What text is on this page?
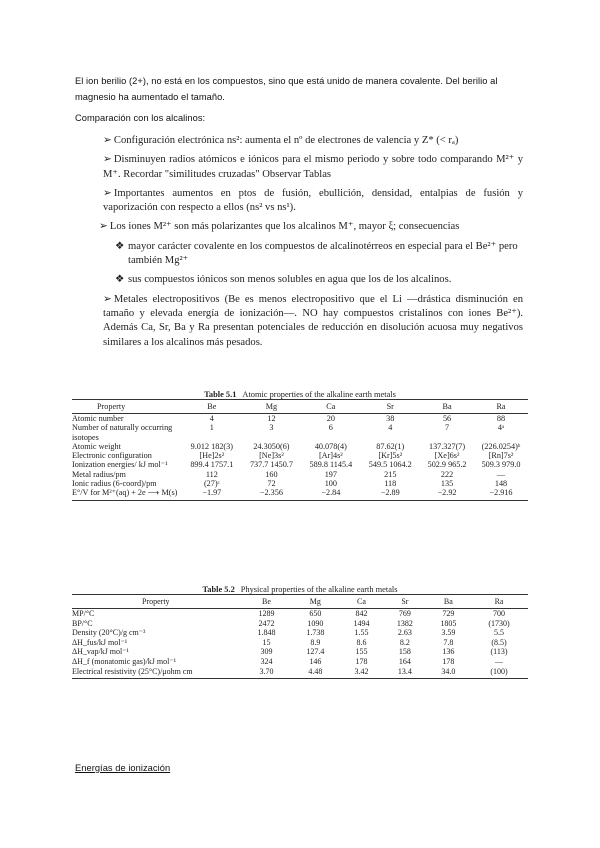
El ion berilio (2+), no está en los compuestos, sino que está unido de manera covalente. Del berilio al magnesio ha aumentado el tamaño.
Comparación con los alcalinos:
➢ Configuración electrónica ns²: aumenta el nº de electrones de valencia y Z* (< rₐ)
➢ Disminuyen radios atómicos e iónicos para el mismo periodo y sobre todo comparando M²⁺ y M⁺. Recordar "similitudes cruzadas" Observar Tablas
➢ Importantes aumentos en ptos de fusión, ebullición, densidad, entalpias de fusión y vaporización con respecto a ellos (ns² vs ns¹).
➢ Los iones M²⁺ son más polarizantes que los alcalinos M⁺, mayor ξ; consecuencias
❖ mayor carácter covalente en los compuestos de alcalinotérreos en especial para el Be²⁺ pero también Mg²⁺
❖ sus compuestos iónicos son menos solubles en agua que los de los alcalinos.
➢ Metales electropositivos (Be es menos electropositivo que el Li —drástica disminución en tamaño y elevada energía de ionización—. NO hay compuestos cristalinos con iones Be²⁺). Además Ca, Sr, Ba y Ra presentan potenciales de reducción en disolución acuosa muy negativos similares a los alcalinos más pesados.
Table 5.1 Atomic properties of the alkaline earth metals
Property	Be	Mg	Ca	Sr	Ba	Ra
Atomic number	4	12	20	38	56	88
Number of naturally occurring isotopes	1	3	6	4	7	4ᵃ
Atomic weight	9.012 182(3)	24.3050(6)	40.078(4)	87.62(1)	137.327(7)	(226.0254)ᵇ
Electronic configuration	[He]2s²	[Ne]3s²	[Ar]4s²	[Kr]5s²	[Xe]6s²	[Rn]7s²
Ionization energies/ kJ mol⁻¹	899.4 1757.1	737.7 1450.7	589.8 1145.4	549.5 1064.2	502.9 965.2	509.3 979.0
Metal radius/pm	112	160	197	215	222	—
Ionic radius (6-coord)/pm	(27)ᶜ	72	100	118	135	148
E°/V for M²⁺(aq) + 2e ⟶ M(s)	−1.97	−2.356	−2.84	−2.89	−2.92	−2.916
Table 5.2 Physical properties of the alkaline earth metals
Property	Be	Mg	Ca	Sr	Ba	Ra
MP/°C	1289	650	842	769	729	700
BP/°C	2472	1090	1494	1382	1805	(1730)
Density (20°C)/g cm⁻³	1.848	1.738	1.55	2.63	3.59	5.5
ΔH_fus/kJ mol⁻¹	15	8.9	8.6	8.2	7.8	(8.5)
ΔH_vap/kJ mol⁻¹	309	127.4	155	158	136	(113)
ΔH_f (monatomic gas)/kJ mol⁻¹	324	146	178	164	178	—
Electrical resistivity (25°C)/μohm cm	3.70	4.48	3.42	13.4	34.0	(100)
Energías de ionización
